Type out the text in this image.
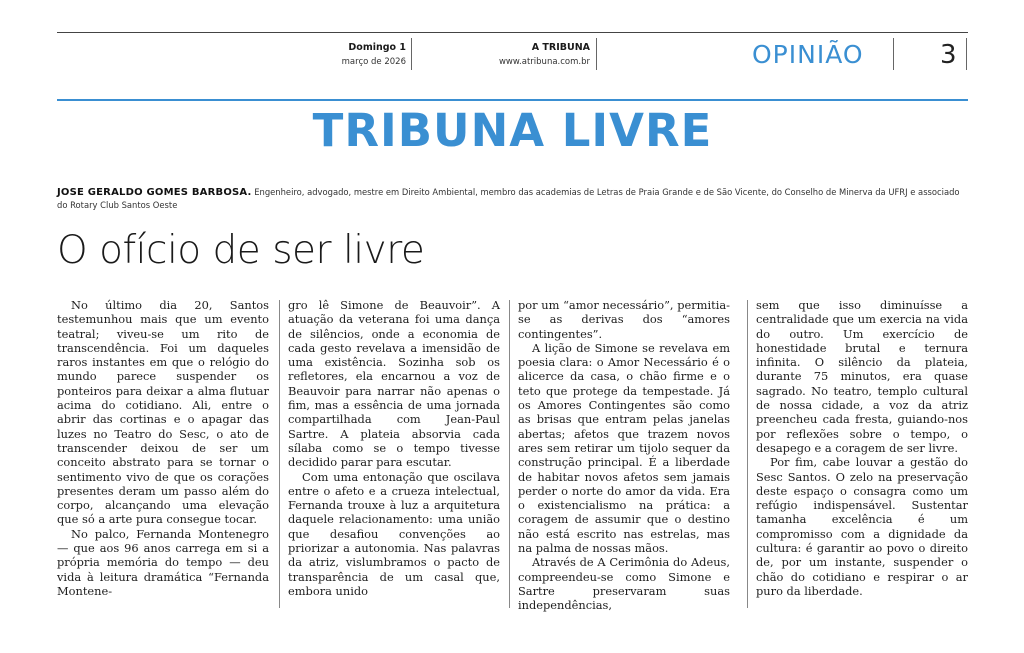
Domingo 1
março de 2026
A TRIBUNA
www.atribuna.com.br	OPINIÃO	3
TRIBUNA LIVRE
JOSE GERALDO GOMES BARBOSA. Engenheiro, advogado, mestre em Direito Ambiental, membro das academias de Letras de Praia Grande e de São Vicente, do Conselho de Minerva da UFRJ e associado do Rotary Club Santos Oeste
O ofício de ser livre

No último dia 20, Santos testemunhou mais que um evento teatral; viveu-se um rito de transcendência. Foi um daqueles raros instantes em que o relógio do mundo parece suspender os ponteiros para deixar a alma flutuar acima do cotidiano. Ali, entre o abrir das cortinas e o apagar das luzes no Teatro do Sesc, o ato de transcender deixou de ser um conceito abstrato para se tornar o sentimento vivo de que os corações presentes deram um passo além do corpo, alcançando uma elevação que só a arte pura consegue tocar.

No palco, Fernanda Montenegro — que aos 96 anos carrega em si a própria memória do tempo — deu vida à leitura dramática “Fernanda Montene-

gro lê Simone de Beauvoir”. A atuação da veterana foi uma dança de silêncios, onde a economia de cada gesto revelava a imensidão de uma existência. Sozinha sob os refletores, ela encarnou a voz de Beauvoir para narrar não apenas o fim, mas a essência de uma jornada compartilhada com Jean-Paul Sartre. A plateia absorvia cada sílaba como se o tempo tivesse decidido parar para escutar.

Com uma entonação que oscilava entre o afeto e a crueza intelectual, Fernanda trouxe à luz a arquitetura daquele relacionamento: uma união que desafiou convenções ao priorizar a autonomia. Nas palavras da atriz, vislumbramos o pacto de transparência de um casal que, embora unido

por um “amor necessário”, permitia-se as derivas dos “amores contingentes”.

A lição de Simone se revelava em poesia clara: o Amor Necessário é o alicerce da casa, o chão firme e o teto que protege da tempestade. Já os Amores Contingentes são como as brisas que entram pelas janelas abertas; afetos que trazem novos ares sem retirar um tijolo sequer da construção principal. É a liberdade de habitar novos afetos sem jamais perder o norte do amor da vida. Era o existencialismo na prática: a coragem de assumir que o destino não está escrito nas estrelas, mas na palma de nossas mãos.

Através de A Cerimônia do Adeus, compreendeu-se como Simone e Sartre preservaram suas independências,

sem que isso diminuísse a centralidade que um exercia na vida do outro. Um exercício de honestidade brutal e ternura infinita. O silêncio da plateia, durante 75 minutos, era quase sagrado. No teatro, templo cultural de nossa cidade, a voz da atriz preencheu cada fresta, guiando-nos por reflexões sobre o tempo, o desapego e a coragem de ser livre.

Por fim, cabe louvar a gestão do Sesc Santos. O zelo na preservação deste espaço o consagra como um refúgio indispensável. Sustentar tamanha excelência é um compromisso com a dignidade da cultura: é garantir ao povo o direito de, por um instante, suspender o chão do cotidiano e respirar o ar puro da liberdade.
